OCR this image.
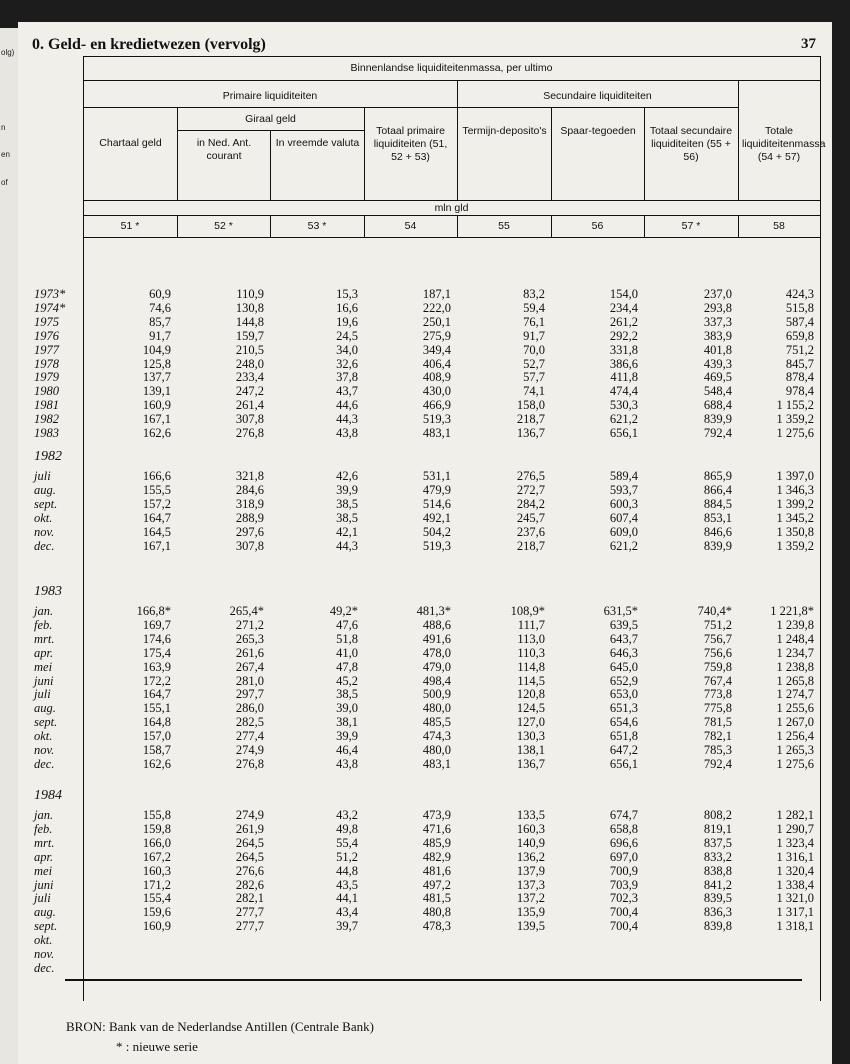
olg)
n
en
of
0. Geld- en kredietwezen (vervolg)	37
Binnenlandse liquiditeitenmassa, per ultimo
Primaire liquiditeiten	Secundaire liquiditeiten
Giraal geld
Chartaal geld	in Ned. Ant. courant
In vreemde valuta
Totaal primaire liquiditeiten (51, 52 + 53)
Termijn-deposito's	Spaar-tegoeden	Totaal secundaire liquiditeiten (55 + 56)
Totale liquiditeitenmassa (54 + 57)
mln gld
51 *	52 *	53 *	54	55	56	57 *	58
1973*	60,9	110,9	15,3	187,1	83,2	154,0	237,0	424,3
1974*	74,6	130,8	16,6	222,0	59,4	234,4	293,8	515,8
1975	85,7	144,8	19,6	250,1	76,1	261,2	337,3	587,4
1976	91,7	159,7	24,5	275,9	91,7	292,2	383,9	659,8
1977	104,9	210,5	34,0	349,4	70,0	331,8	401,8	751,2
1978	125,8	248,0	32,6	406,4	52,7	386,6	439,3	845,7
1979	137,7	233,4	37,8	408,9	57,7	411,8	469,5	878,4
1980	139,1	247,2	43,7	430,0	74,1	474,4	548,4	978,4
1981	160,9	261,4	44,6	466,9	158,0	530,3	688,4	1 155,2
1982	167,1	307,8	44,3	519,3	218,7	621,2	839,9	1 359,2
1983	162,6	276,8	43,8	483,1	136,7	656,1	792,4	1 275,6
1982
juli	166,6	321,8	42,6	531,1	276,5	589,4	865,9	1 397,0
aug.	155,5	284,6	39,9	479,9	272,7	593,7	866,4	1 346,3
sept.	157,2	318,9	38,5	514,6	284,2	600,3	884,5	1 399,2
okt.	164,7	288,9	38,5	492,1	245,7	607,4	853,1	1 345,2
nov.	164,5	297,6	42,1	504,2	237,6	609,0	846,6	1 350,8
dec.	167,1	307,8	44,3	519,3	218,7	621,2	839,9	1 359,2
1983
jan.	166,8*	265,4*	49,2*	481,3*	108,9*	631,5*	740,4*	1 221,8*
feb.	169,7	271,2	47,6	488,6	111,7	639,5	751,2	1 239,8
mrt.	174,6	265,3	51,8	491,6	113,0	643,7	756,7	1 248,4
apr.	175,4	261,6	41,0	478,0	110,3	646,3	756,6	1 234,7
mei	163,9	267,4	47,8	479,0	114,8	645,0	759,8	1 238,8
juni	172,2	281,0	45,2	498,4	114,5	652,9	767,4	1 265,8
juli	164,7	297,7	38,5	500,9	120,8	653,0	773,8	1 274,7
aug.	155,1	286,0	39,0	480,0	124,5	651,3	775,8	1 255,6
sept.	164,8	282,5	38,1	485,5	127,0	654,6	781,5	1 267,0
okt.	157,0	277,4	39,9	474,3	130,3	651,8	782,1	1 256,4
nov.	158,7	274,9	46,4	480,0	138,1	647,2	785,3	1 265,3
dec.	162,6	276,8	43,8	483,1	136,7	656,1	792,4	1 275,6
1984
jan.	155,8	274,9	43,2	473,9	133,5	674,7	808,2	1 282,1
feb.	159,8	261,9	49,8	471,6	160,3	658,8	819,1	1 290,7
mrt.	166,0	264,5	55,4	485,9	140,9	696,6	837,5	1 323,4
apr.	167,2	264,5	51,2	482,9	136,2	697,0	833,2	1 316,1
mei	160,3	276,6	44,8	481,6	137,9	700,9	838,8	1 320,4
juni	171,2	282,6	43,5	497,2	137,3	703,9	841,2	1 338,4
juli	155,4	282,1	44,1	481,5	137,2	702,3	839,5	1 321,0
aug.	159,6	277,7	43,4	480,8	135,9	700,4	836,3	1 317,1
sept.	160,9	277,7	39,7	478,3	139,5	700,4	839,8	1 318,1
okt.
nov.
dec.
BRON: Bank van de Nederlandse Antillen (Centrale Bank)
* : nieuwe serie
